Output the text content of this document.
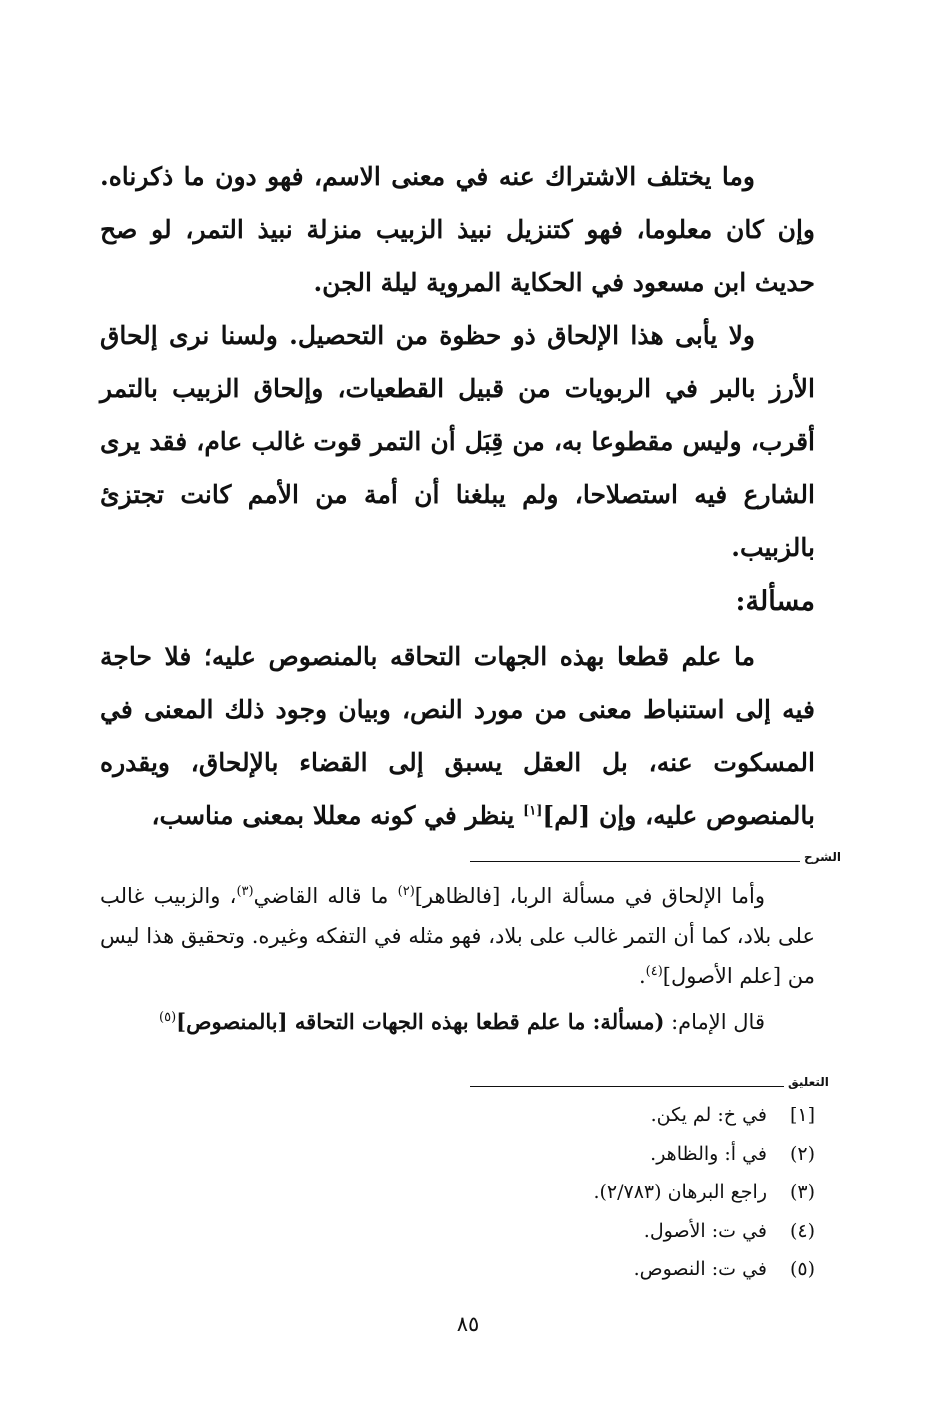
وما يختلف الاشتراك عنه في معنى الاسم، فهو دون ما ذكرناه. وإن كان معلوما، فهو كتنزيل نبيذ الزبيب منزلة نبيذ التمر، لو صح حديث ابن مسعود في الحكاية المروية ليلة الجن.

ولا يأبى هذا الإلحاق ذو حظوة من التحصيل. ولسنا نرى إلحاق الأرز بالبر في الربويات من قبيل القطعيات، وإلحاق الزبيب بالتمر أقرب، وليس مقطوعا به، من قِبَل أن التمر قوت غالب عام، فقد يرى الشارع فيه استصلاحا، ولم يبلغنا أن أمة من الأمم كانت تجتزئ بالزبيب.

مسألة:

ما علم قطعا بهذه الجهات التحاقه بالمنصوص عليه؛ فلا حاجة فيه إلى استنباط معنى من مورد النص، وبيان وجود ذلك المعنى في المسكوت عنه، بل العقل يسبق إلى القضاء بالإلحاق، ويقدره بالمنصوص عليه، وإن [لم][١] ينظر في كونه معللا بمعنى مناسب،

الشرح

وأما الإلحاق في مسألة الربا، [فالظاهر]$^{(٢)}$ ما قاله القاضي$^{(٣)}$، والزبيب غالب على بلاد، كما أن التمر غالب على بلاد، فهو مثله في التفكه وغيره. وتحقيق هذا ليس من [علم الأصول]$^{(٤)}$.

قال الإمام: (مسألة: ما علم قطعا بهذه الجهات التحاقه [بالمنصوص]$^{(٥)}$

التعليق
[١]
في خ: لم يكن.
(٢)
في أ: والظاهر.
(٣)
راجع البرهان (٢/٧٨٣).
(٤)
في ت: الأصول.
(٥)
في ت: النصوص.
٨٥
